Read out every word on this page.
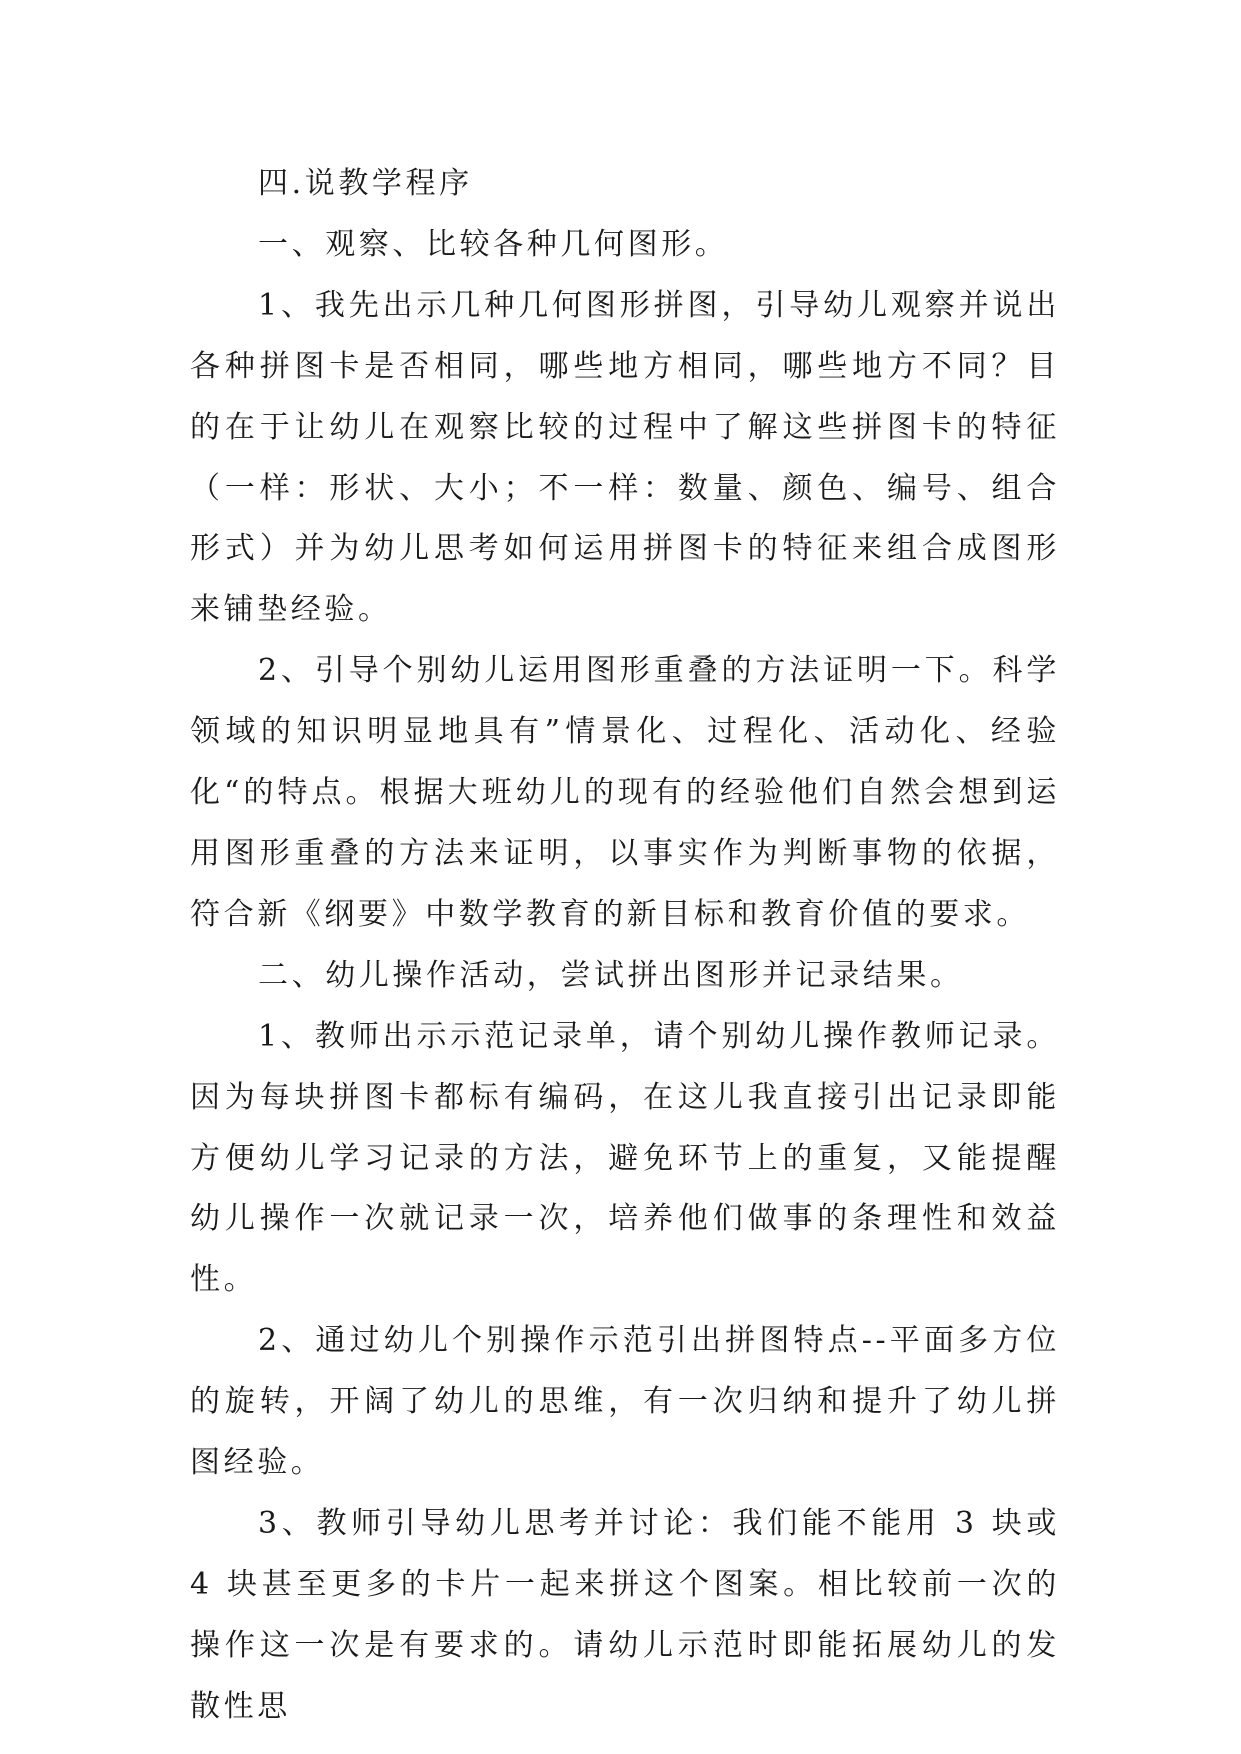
四.说教学程序

一、观察、比较各种几何图形。

1、我先出示几种几何图形拼图，引导幼儿观察并说出各种拼图卡是否相同，哪些地方相同，哪些地方不同？目的在于让幼儿在观察比较的过程中了解这些拼图卡的特征（一样：形状、大小；不一样：数量、颜色、编号、组合形式）并为幼儿思考如何运用拼图卡的特征来组合成图形来铺垫经验。

2、引导个别幼儿运用图形重叠的方法证明一下。科学领域的知识明显地具有”情景化、过程化、活动化、经验化“的特点。根据大班幼儿的现有的经验他们自然会想到运用图形重叠的方法来证明，以事实作为判断事物的依据，符合新《纲要》中数学教育的新目标和教育价值的要求。

二、幼儿操作活动，尝试拼出图形并记录结果。

1、教师出示示范记录单，请个别幼儿操作教师记录。因为每块拼图卡都标有编码，在这儿我直接引出记录即能方便幼儿学习记录的方法，避免环节上的重复，又能提醒幼儿操作一次就记录一次，培养他们做事的条理性和效益性。

2、通过幼儿个别操作示范引出拼图特点--平面多方位的旋转，开阔了幼儿的思维，有一次归纳和提升了幼儿拼图经验。

3、教师引导幼儿思考并讨论：我们能不能用 3 块或 4 块甚至更多的卡片一起来拼这个图案。相比较前一次的操作这一次是有要求的。请幼儿示范时即能拓展幼儿的发散性思
